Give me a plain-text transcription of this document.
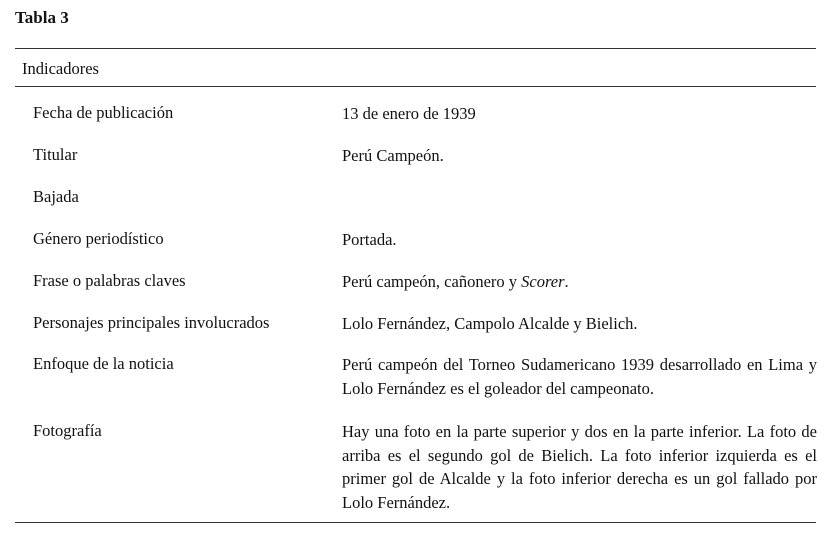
Tabla 3
Indicadores
Fecha de publicación	13 de enero de 1939
Titular	Perú Campeón.
Bajada
Género periodístico	Portada.
Frase o palabras claves	Perú campeón, cañonero y Scorer.
Personajes principales involucrados	Lolo Fernández, Campolo Alcalde y Bielich.
Enfoque de la noticia	Perú campeón del Torneo Sudamericano 1939 desarrollado en Lima y Lolo Fernández es el goleador del campeonato.
Fotografía	Hay una foto en la parte superior y dos en la parte inferior. La foto de arriba es el segundo gol de Bielich. La foto inferior izquierda es el primer gol de Alcalde y la foto inferior derecha es un gol fallado por Lolo Fernández.
